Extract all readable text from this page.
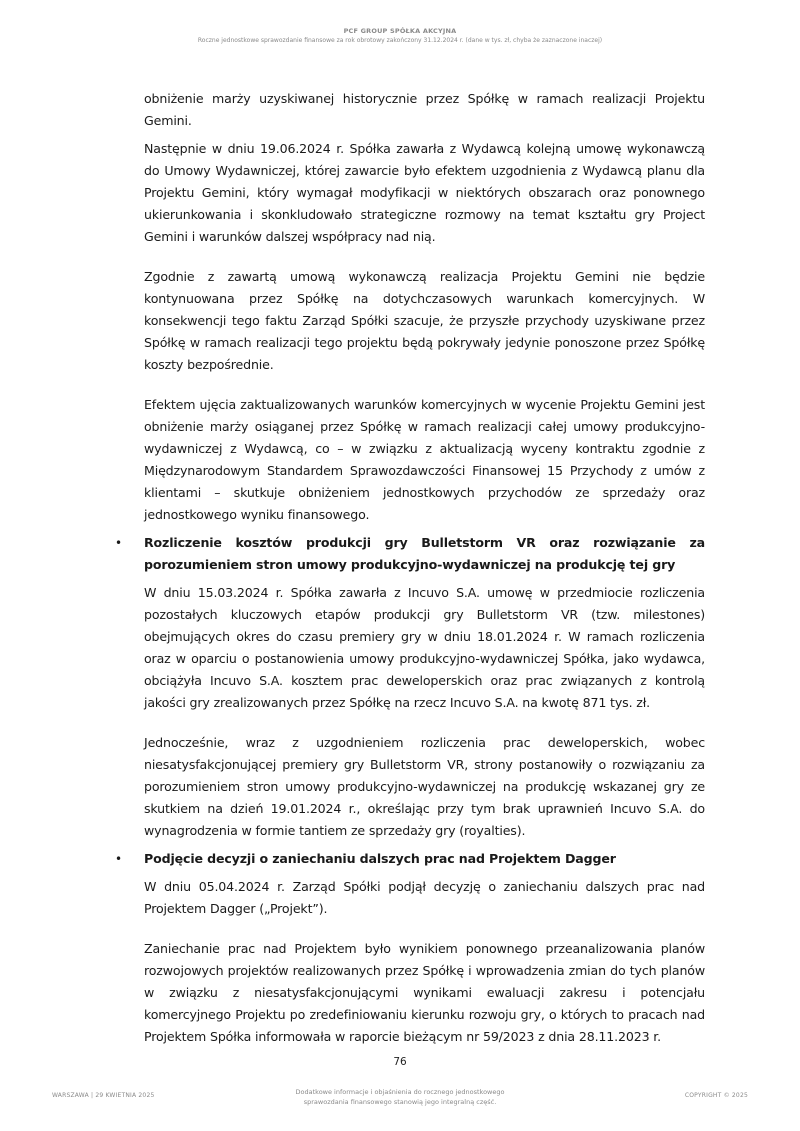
PCF GROUP SPÓŁKA AKCYJNA
Roczne jednostkowe sprawozdanie finansowe za rok obrotowy zakończony 31.12.2024 r. (dane w tys. zł, chyba że zaznaczone inaczej)

obniżenie marży uzyskiwanej historycznie przez Spółkę w ramach realizacji Projektu Gemini.

Następnie w dniu 19.06.2024 r. Spółka zawarła z Wydawcą kolejną umowę wykonawczą do Umowy Wydawniczej, której zawarcie było efektem uzgodnienia z Wydawcą planu dla Projektu Gemini, który wymagał modyfikacji w niektórych obszarach oraz ponownego ukierunkowania i skonkludowało strategiczne rozmowy na temat kształtu gry Project Gemini i warunków dalszej współpracy nad nią.

Zgodnie z zawartą umową wykonawczą realizacja Projektu Gemini nie będzie kontynuowana przez Spółkę na dotychczasowych warunkach komercyjnych. W konsekwencji tego faktu Zarząd Spółki szacuje, że przyszłe przychody uzyskiwane przez Spółkę w ramach realizacji tego projektu będą pokrywały jedynie ponoszone przez Spółkę koszty bezpośrednie.

Efektem ujęcia zaktualizowanych warunków komercyjnych w wycenie Projektu Gemini jest obniżenie marży osiąganej przez Spółkę w ramach realizacji całej umowy produkcyjno-wydawniczej z Wydawcą, co – w związku z aktualizacją wyceny kontraktu zgodnie z Międzynarodowym Standardem Sprawozdawczości Finansowej 15 Przychody z umów z klientami – skutkuje obniżeniem jednostkowych przychodów ze sprzedaży oraz jednostkowego wyniku finansowego.

• Rozliczenie kosztów produkcji gry Bulletstorm VR oraz rozwiązanie za porozumieniem stron umowy produkcyjno-wydawniczej na produkcję tej gry

W dniu 15.03.2024 r. Spółka zawarła z Incuvo S.A. umowę w przedmiocie rozliczenia pozostałych kluczowych etapów produkcji gry Bulletstorm VR (tzw. milestones) obejmujących okres do czasu premiery gry w dniu 18.01.2024 r. W ramach rozliczenia oraz w oparciu o postanowienia umowy produkcyjno-wydawniczej Spółka, jako wydawca, obciążyła Incuvo S.A. kosztem prac deweloperskich oraz prac związanych z kontrolą jakości gry zrealizowanych przez Spółkę na rzecz Incuvo S.A. na kwotę 871 tys. zł.

Jednocześnie, wraz z uzgodnieniem rozliczenia prac deweloperskich, wobec niesatysfakcjonującej premiery gry Bulletstorm VR, strony postanowiły o rozwiązaniu za porozumieniem stron umowy produkcyjno-wydawniczej na produkcję wskazanej gry ze skutkiem na dzień 19.01.2024 r., określając przy tym brak uprawnień Incuvo S.A. do wynagrodzenia w formie tantiem ze sprzedaży gry (royalties).

• Podjęcie decyzji o zaniechaniu dalszych prac nad Projektem Dagger

W dniu 05.04.2024 r. Zarząd Spółki podjął decyzję o zaniechaniu dalszych prac nad Projektem Dagger („Projekt”).

Zaniechanie prac nad Projektem było wynikiem ponownego przeanalizowania planów rozwojowych projektów realizowanych przez Spółkę i wprowadzenia zmian do tych planów w związku z niesatysfakcjonującymi wynikami ewaluacji zakresu i potencjału komercyjnego Projektu po zredefiniowaniu kierunku rozwoju gry, o których to pracach nad Projektem Spółka informowała w raporcie bieżącym nr 59/2023 z dnia 28.11.2023 r.

76
WARSZAWA | 29 KWIETNIA 2025	Dodatkowe informacje i objaśnienia do rocznego jednostkowego
sprawozdania finansowego stanowią jego integralną część.
COPYRIGHT © 2025
